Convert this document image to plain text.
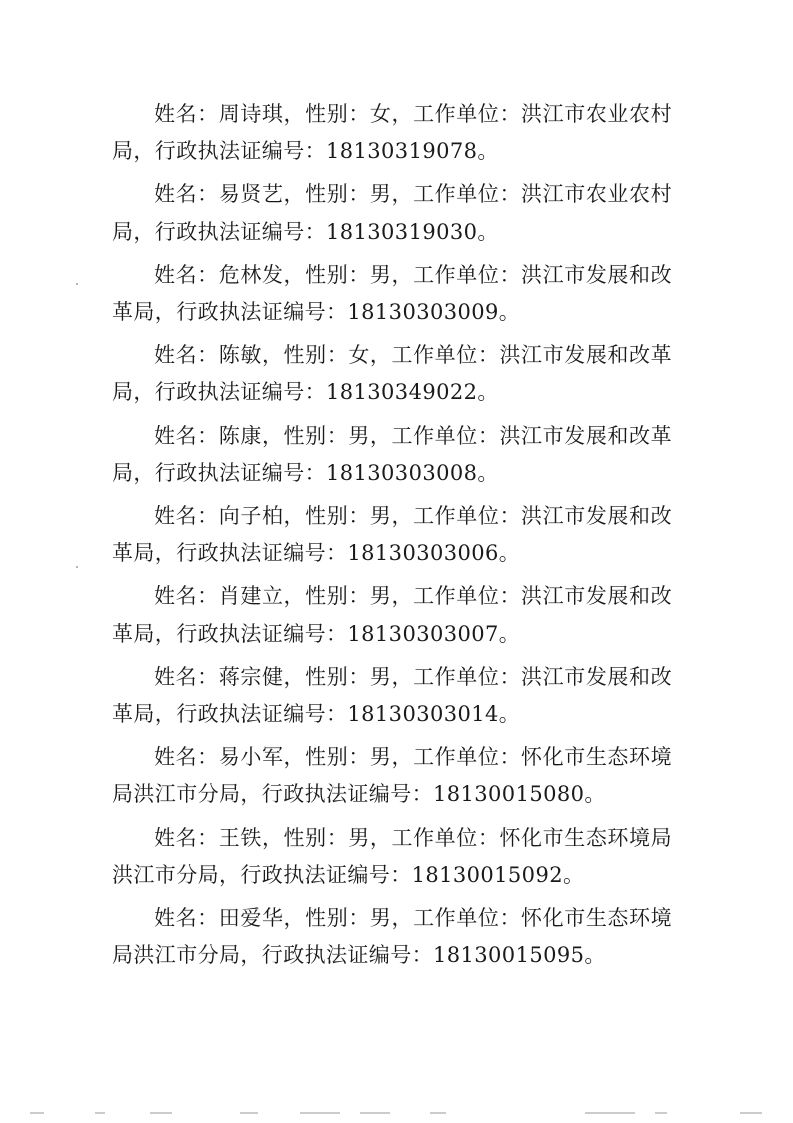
姓名：周诗琪，性别：女，工作单位：洪江市农业农村局，行政执法证编号：18130319078。

姓名：易贤艺，性别：男，工作单位：洪江市农业农村局，行政执法证编号：18130319030。

姓名：危林发，性别：男，工作单位：洪江市发展和改革局，行政执法证编号：18130303009。

姓名：陈敏，性别：女，工作单位：洪江市发展和改革局，行政执法证编号：18130349022。

姓名：陈康，性别：男，工作单位：洪江市发展和改革局，行政执法证编号：18130303008。

姓名：向子柏，性别：男，工作单位：洪江市发展和改革局，行政执法证编号：18130303006。

姓名：肖建立，性别：男，工作单位：洪江市发展和改革局，行政执法证编号：18130303007。

姓名：蒋宗健，性别：男，工作单位：洪江市发展和改革局，行政执法证编号：18130303014。

姓名：易小军，性别：男，工作单位：怀化市生态环境局洪江市分局，行政执法证编号：18130015080。

姓名：王铁，性别：男，工作单位：怀化市生态环境局洪江市分局，行政执法证编号：18130015092。

姓名：田爱华，性别：男，工作单位：怀化市生态环境局洪江市分局，行政执法证编号：18130015095。
